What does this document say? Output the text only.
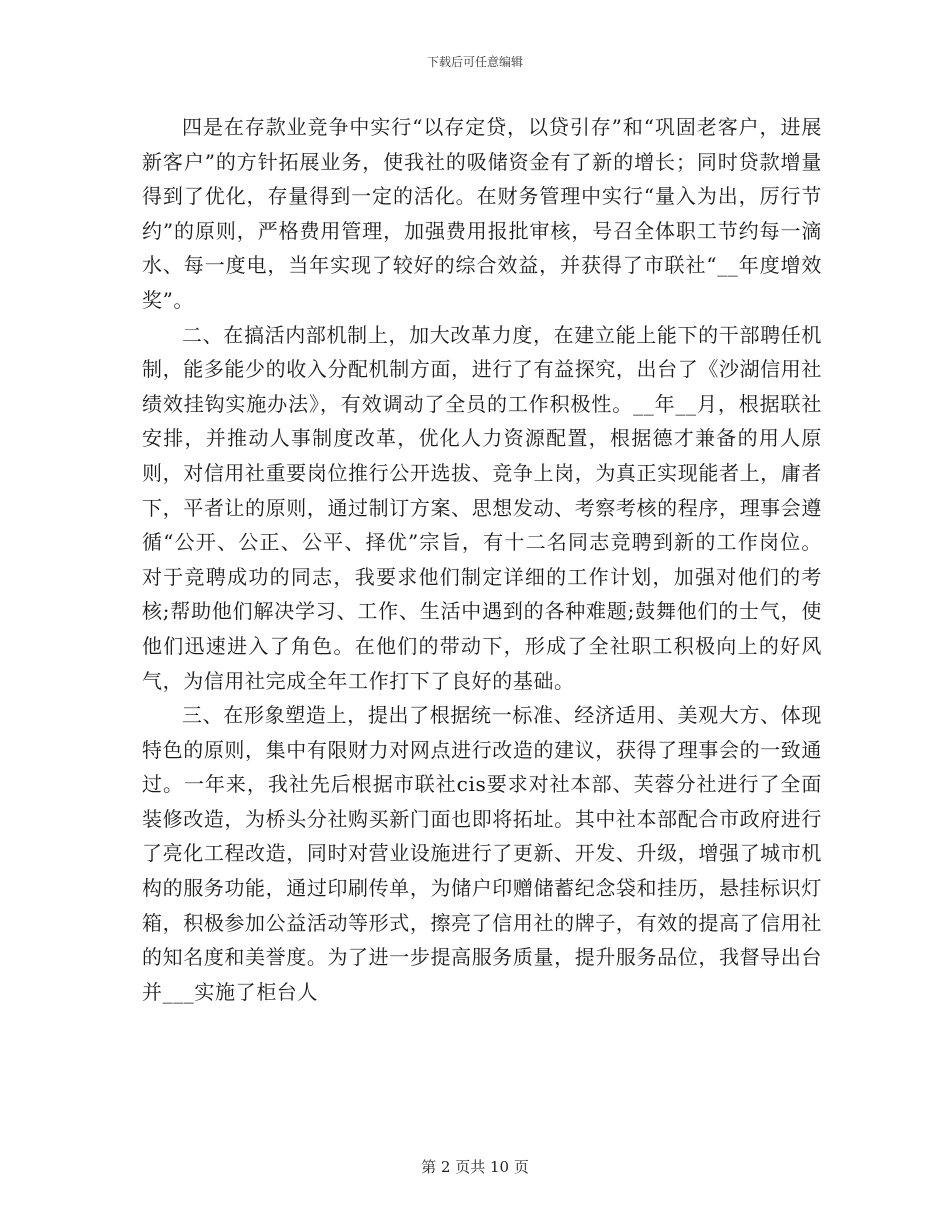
下载后可任意编辑

四是在存款业竞争中实行“以存定贷，以贷引存”和“巩固老客户，进展新客户”的方针拓展业务，使我社的吸储资金有了新的增长；同时贷款增量得到了优化，存量得到一定的活化。在财务管理中实行“量入为出，厉行节约”的原则，严格费用管理，加强费用报批审核，号召全体职工节约每一滴水、每一度电，当年实现了较好的综合效益，并获得了市联社“__年度增效奖”。

二、在搞活内部机制上，加大改革力度，在建立能上能下的干部聘任机制，能多能少的收入分配机制方面，进行了有益探究，出台了《沙湖信用社绩效挂钩实施办法》，有效调动了全员的工作积极性。__年__月，根据联社安排，并推动人事制度改革，优化人力资源配置，根据德才兼备的用人原则，对信用社重要岗位推行公开选拔、竞争上岗，为真正实现能者上，庸者下，平者让的原则，通过制订方案、思想发动、考察考核的程序，理事会遵循“公开、公正、公平、择优”宗旨，有十二名同志竞聘到新的工作岗位。对于竞聘成功的同志，我要求他们制定详细的工作计划，加强对他们的考核;帮助他们解决学习、工作、生活中遇到的各种难题;鼓舞他们的士气，使他们迅速进入了角色。在他们的带动下，形成了全社职工积极向上的好风气，为信用社完成全年工作打下了良好的基础。

三、在形象塑造上，提出了根据统一标准、经济适用、美观大方、体现特色的原则，集中有限财力对网点进行改造的建议，获得了理事会的一致通过。一年来，我社先后根据市联社cis要求对社本部、芙蓉分社进行了全面装修改造，为桥头分社购买新门面也即将拓址。其中社本部配合市政府进行了亮化工程改造，同时对营业设施进行了更新、开发、升级，增强了城市机构的服务功能，通过印刷传单，为储户印赠储蓄纪念袋和挂历，悬挂标识灯箱，积极参加公益活动等形式，擦亮了信用社的牌子，有效的提高了信用社的知名度和美誉度。为了进一步提高服务质量，提升服务品位，我督导出台并___实施了柜台人

第 2 页共 10 页
